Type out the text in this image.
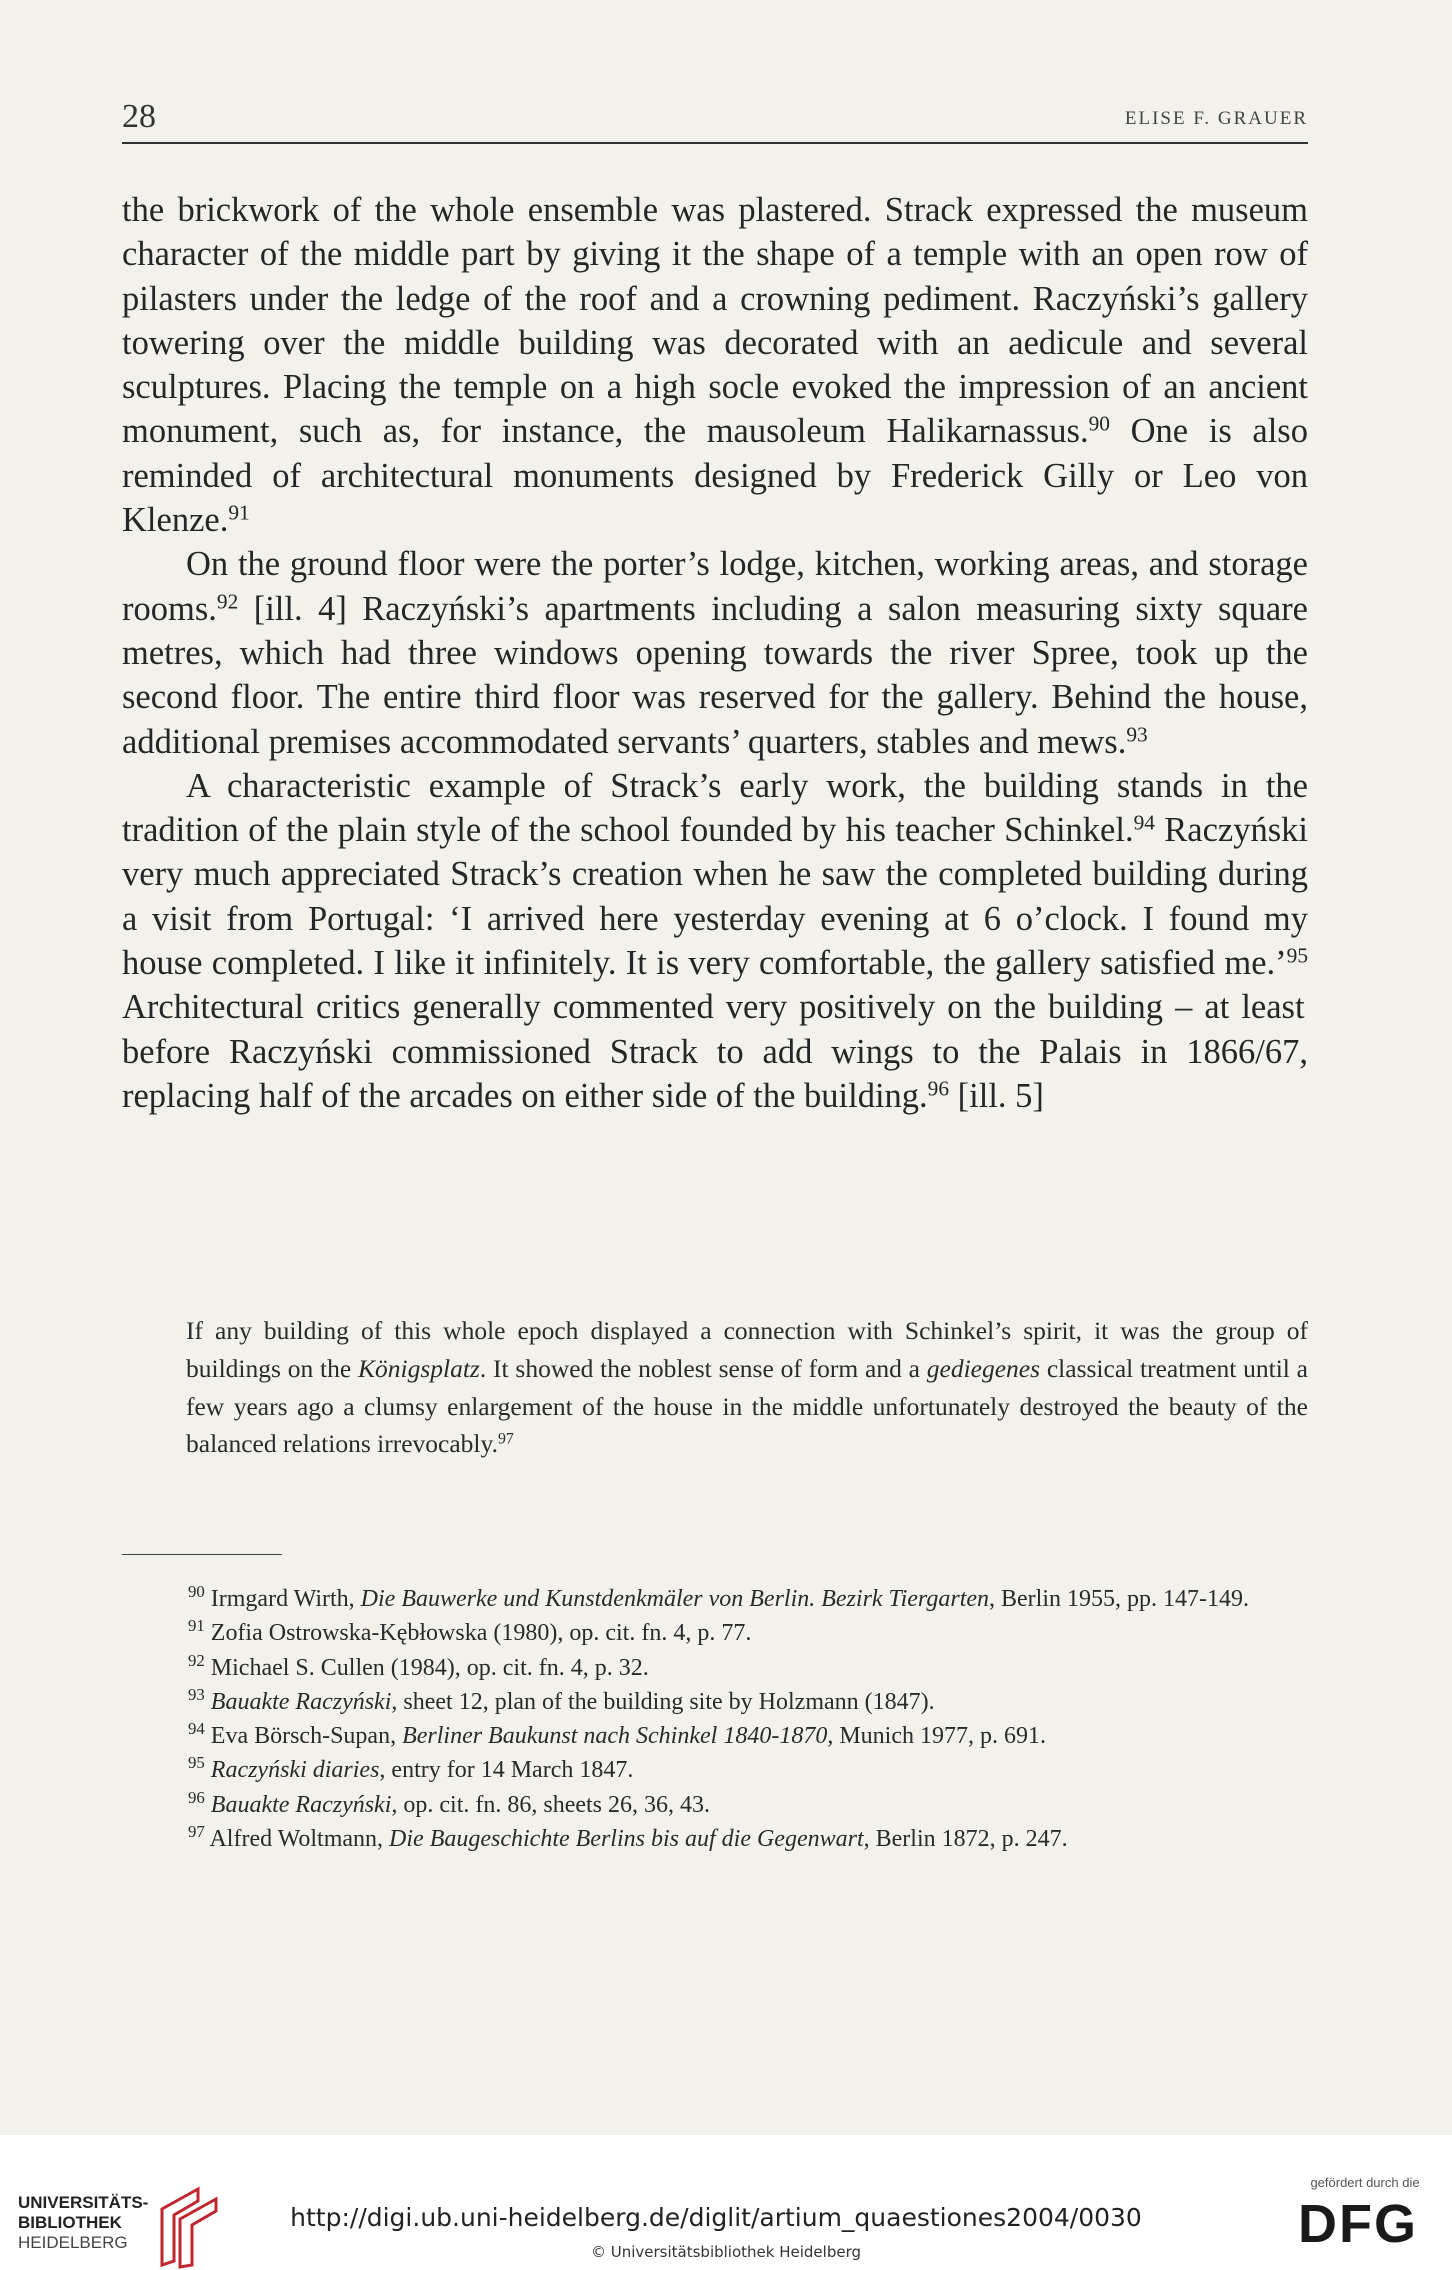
28	ELISE F. GRAUER

the brickwork of the whole ensemble was plastered. Strack expressed the museum character of the middle part by giving it the shape of a temple with an open row of pilasters under the ledge of the roof and a crowning pediment. Raczyński’s gallery towering over the middle building was decorated with an aedicule and several sculptures. Placing the temple on a high socle evoked the impression of an ancient monument, such as, for instance, the mausoleum Halikarnassus.$^{90}$ One is also reminded of architectural monuments designed by Frederick Gilly or Leo von Klenze.$^{91}$

On the ground floor were the porter’s lodge, kitchen, working areas, and storage rooms.$^{92}$ [ill. 4] Raczyński’s apartments including a salon measuring sixty square metres, which had three windows opening towards the river Spree, took up the second floor. The entire third floor was reserved for the gallery. Behind the house, additional premises accommodated servants’ quarters, stables and mews.$^{93}$

A characteristic example of Strack’s early work, the building stands in the tradition of the plain style of the school founded by his teacher Schinkel.$^{94}$ Raczyński very much appreciated Strack’s creation when he saw the completed building during a visit from Portugal: ‘I arrived here yesterday evening at 6 o’clock. I found my house completed. I like it infinitely. It is very comfortable, the gallery satisfied me.’$^{95}$ Architectural critics generally commented very positively on the building – at least before Raczyński commissioned Strack to add wings to the Palais in 1866/67, replacing half of the arcades on either side of the building.$^{96}$ [ill. 5]

If any building of this whole epoch displayed a connection with Schinkel’s spirit, it was the group of buildings on the Königsplatz. It showed the noblest sense of form and a gediegenes classical treatment until a few years ago a clumsy enlargement of the house in the middle unfortunately destroyed the beauty of the balanced relations irrevocably.$^{97}$

$^{90}$ Irmgard Wirth, Die Bauwerke und Kunstdenkmäler von Berlin. Bezirk Tiergarten, Berlin 1955, pp. 147-149.

$^{91}$ Zofia Ostrowska-Kębłowska (1980), op. cit. fn. 4, p. 77.

$^{92}$ Michael S. Cullen (1984), op. cit. fn. 4, p. 32.

$^{93}$ Bauakte Raczyński, sheet 12, plan of the building site by Holzmann (1847).

$^{94}$ Eva Börsch-Supan, Berliner Baukunst nach Schinkel 1840-1870, Munich 1977, p. 691.

$^{95}$ Raczyński diaries, entry for 14 March 1847.

$^{96}$ Bauakte Raczyński, op. cit. fn. 86, sheets 26, 36, 43.

$^{97}$ Alfred Woltmann, Die Baugeschichte Berlins bis auf die Gegenwart, Berlin 1872, p. 247.

UNIVERSITÄTS-
BIBLIOTHEK
HEIDELBERG
http://digi.ub.uni-heidelberg.de/diglit/artium_quaestiones2004/0030
© Universitätsbibliothek Heidelberg
gefördert durch die
DFG
